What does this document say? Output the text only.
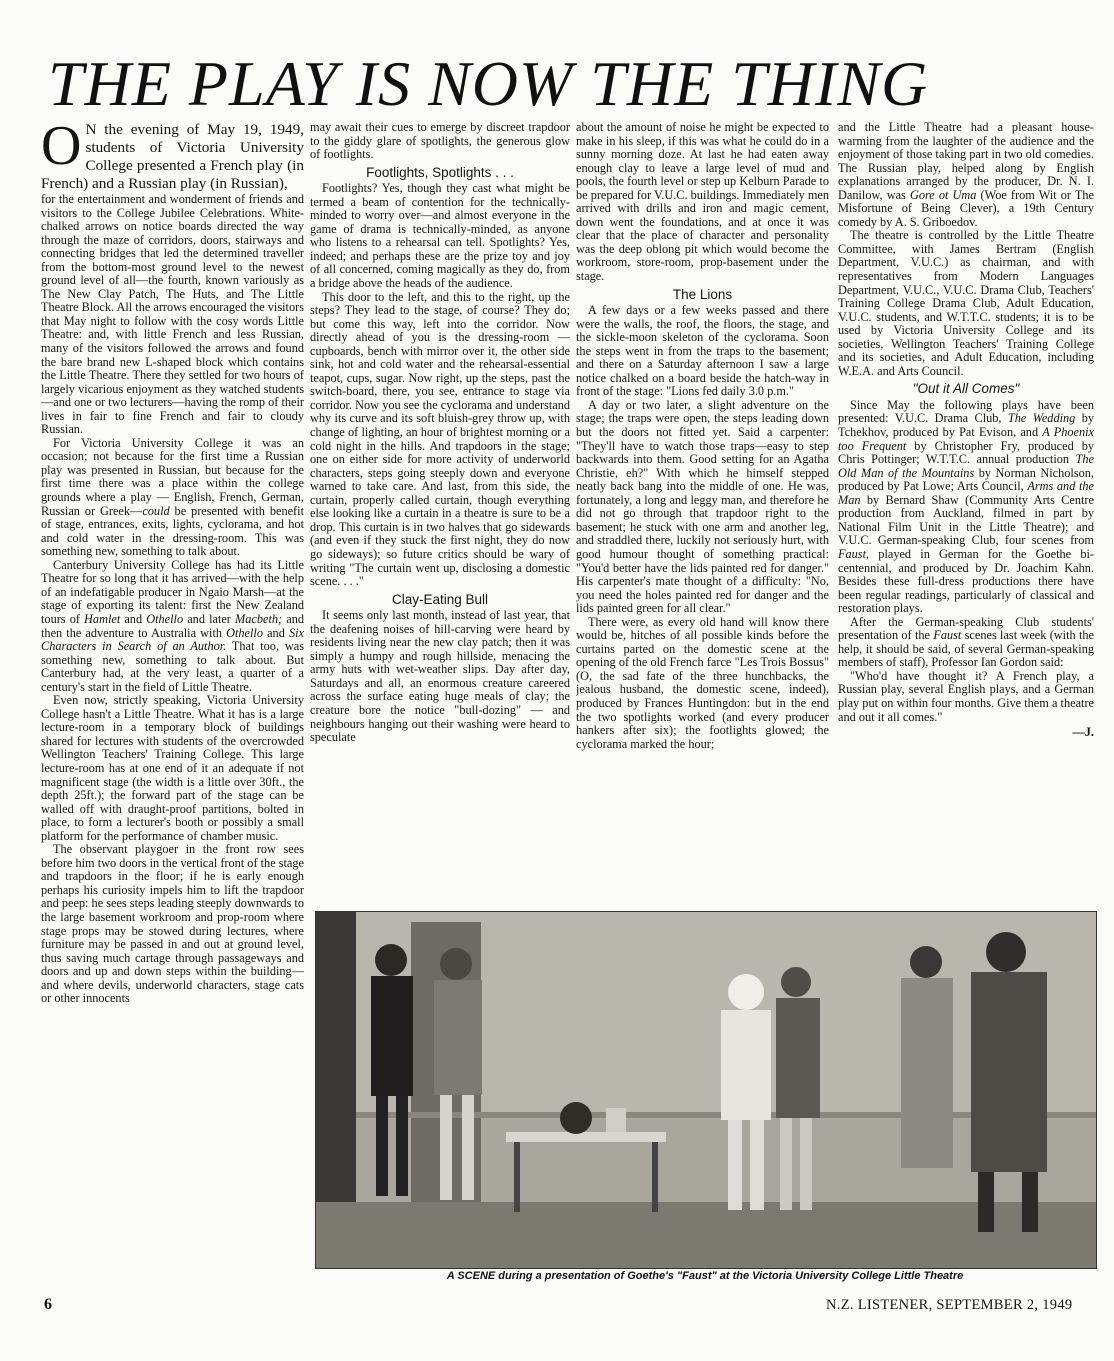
THE PLAY IS NOW THE THING
O N the evening of May 19, 1949, students of Victoria University College presented a French play (in French) and a Russian play (in Russian),

for the entertainment and wonderment of friends and visitors to the College Jubilee Celebrations. White-chalked arrows on notice boards directed the way through the maze of corridors, doors, stairways and connecting bridges that led the determined traveller from the bottom-most ground level to the newest ground level of all—the fourth, known variously as The New Clay Patch, The Huts, and The Little Theatre Block. All the arrows encouraged the visitors that May night to follow with the cosy words Little Theatre: and, with little French and less Russian, many of the visitors followed the arrows and found the bare brand new L-shaped block which contains the Little Theatre. There they settled for two hours of largely vicarious enjoyment as they watched students—and one or two lecturers—having the romp of their lives in fair to fine French and fair to cloudy Russian.

For Victoria University College it was an occasion; not because for the first time a Russian play was presented in Russian, but because for the first time there was a place within the college grounds where a play — English, French, German, Russian or Greek—could be presented with benefit of stage, entrances, exits, lights, cyclorama, and hot and cold water in the dressing-room. This was something new, something to talk about.

Canterbury University College has had its Little Theatre for so long that it has arrived—with the help of an indefatigable producer in Ngaio Marsh—at the stage of exporting its talent: first the New Zealand tours of Hamlet and Othello and later Macbeth; and then the adventure to Australia with Othello and Six Characters in Search of an Author. That too, was something new, something to talk about. But Canterbury had, at the very least, a quarter of a century's start in the field of Little Theatre.

Even now, strictly speaking, Victoria University College hasn't a Little Theatre. What it has is a large lecture-room in a temporary block of buildings shared for lectures with students of the overcrowded Wellington Teachers' Training College. This large lecture-room has at one end of it an adequate if not magnificent stage (the width is a little over 30ft., the depth 25ft.); the forward part of the stage can be walled off with draught-proof partitions, bolted in place, to form a lecturer's booth or possibly a small platform for the performance of chamber music.

The observant playgoer in the front row sees before him two doors in the vertical front of the stage and trapdoors in the floor; if he is early enough perhaps his curiosity impels him to lift the trapdoor and peep: he sees steps leading steeply downwards to the large basement workroom and prop-room where stage props may be stowed during lectures, where furniture may be passed in and out at ground level, thus saving much cartage through passageways and doors and up and down steps within the building—and where devils, underworld characters, stage cats or other innocents

may await their cues to emerge by discreet trapdoor to the giddy glare of spotlights, the generous glow of footlights.

Footlights, Spotlights . . .

Footlights? Yes, though they cast what might be termed a beam of contention for the technically-minded to worry over—and almost everyone in the game of drama is technically-minded, as anyone who listens to a rehearsal can tell. Spotlights? Yes, indeed; and perhaps these are the prize toy and joy of all concerned, coming magically as they do, from a bridge above the heads of the audience.

This door to the left, and this to the right, up the steps? They lead to the stage, of course? They do; but come this way, left into the corridor. Now directly ahead of you is the dressing-room — cupboards, bench with mirror over it, the other side sink, hot and cold water and the rehearsal-essential teapot, cups, sugar. Now right, up the steps, past the switch-board, there, you see, entrance to stage via corridor. Now you see the cyclorama and understand why its curve and its soft bluish-grey throw up, with change of lighting, an hour of brightest morning or a cold night in the hills. And trapdoors in the stage; one on either side for more activity of underworld characters, steps going steeply down and everyone warned to take care. And last, from this side, the curtain, properly called curtain, though everything else looking like a curtain in a theatre is sure to be a drop. This curtain is in two halves that go sidewards (and even if they stuck the first night, they do now go sideways); so future critics should be wary of writing "The curtain went up, disclosing a domestic scene. . . ."

Clay-Eating Bull

It seems only last month, instead of last year, that the deafening noises of hill-carving were heard by residents living near the new clay patch; then it was simply a humpy and rough hillside, menacing the army huts with wet-weather slips. Day after day, Saturdays and all, an enormous creature careered across the surface eating huge meals of clay; the creature bore the notice "bull-dozing" — and neighbours hanging out their washing were heard to speculate

about the amount of noise he might be expected to make in his sleep, if this was what he could do in a sunny morning doze. At last he had eaten away enough clay to leave a large level of mud and pools, the fourth level or step up Kelburn Parade to be prepared for V.U.C. buildings. Immediately men arrived with drills and iron and magic cement, down went the foundations, and at once it was clear that the place of character and personality was the deep oblong pit which would become the workroom, store-room, prop-basement under the stage.

The Lions

A few days or a few weeks passed and there were the walls, the roof, the floors, the stage, and the sickle-moon skeleton of the cyclorama. Soon the steps went in from the traps to the basement; and there on a Saturday afternoon I saw a large notice chalked on a board beside the hatch-way in front of the stage: "Lions fed daily 3.0 p.m."

A day or two later, a slight adventure on the stage; the traps were open, the steps leading down but the doors not fitted yet. Said a carpenter: "They'll have to watch those traps—easy to step backwards into them. Good setting for an Agatha Christie, eh?" With which he himself stepped neatly back bang into the middle of one. He was, fortunately, a long and leggy man, and therefore he did not go through that trapdoor right to the basement; he stuck with one arm and another leg, and straddled there, luckily not seriously hurt, with good humour thought of something practical: "You'd better have the lids painted red for danger." His carpenter's mate thought of a difficulty: "No, you need the holes painted red for danger and the lids painted green for all clear."

There were, as every old hand will know there would be, hitches of all possible kinds before the curtains parted on the domestic scene at the opening of the old French farce "Les Trois Bossus" (O, the sad fate of the three hunchbacks, the jealous husband, the domestic scene, indeed), produced by Frances Huntingdon: but in the end the two spotlights worked (and every producer hankers after six); the footlights glowed; the cyclorama marked the hour;

and the Little Theatre had a pleasant house-warming from the laughter of the audience and the enjoyment of those taking part in two old comedies. The Russian play, helped along by English explanations arranged by the producer, Dr. N. I. Danilow, was Gore ot Uma (Woe from Wit or The Misfortune of Being Clever), a 19th Century comedy by A. S. Griboedov.

The theatre is controlled by the Little Theatre Committee, with James Bertram (English Department, V.U.C.) as chairman, and with representatives from Modern Languages Department, V.U.C., V.U.C. Drama Club, Teachers' Training College Drama Club, Adult Education, V.U.C. students, and W.T.T.C. students; it is to be used by Victoria University College and its societies, Wellington Teachers' Training College and its societies, and Adult Education, including W.E.A. and Arts Council.

"Out it All Comes"

Since May the following plays have been presented: V.U.C. Drama Club, The Wedding by Tchekhov, produced by Pat Evison, and A Phoenix too Frequent by Christopher Fry, produced by Chris Pottinger; W.T.T.C. annual production The Old Man of the Mountains by Norman Nicholson, produced by Pat Lowe; Arts Council, Arms and the Man by Bernard Shaw (Community Arts Centre production from Auckland, filmed in part by National Film Unit in the Little Theatre); and V.U.C. German-speaking Club, four scenes from Faust, played in German for the Goethe bi-centennial, and produced by Dr. Joachim Kahn. Besides these full-dress productions there have been regular readings, particularly of classical and restoration plays.

After the German-speaking Club students' presentation of the Faust scenes last week (with the help, it should be said, of several German-speaking members of staff), Professor Ian Gordon said:

"Who'd have thought it? A French play, a Russian play, several English plays, and a German play put on within four months. Give them a theatre and out it all comes."

—J.
A SCENE during a presentation of Goethe's "Faust" at the Victoria University College Little Theatre
6	N.Z. LISTENER, SEPTEMBER 2, 1949
